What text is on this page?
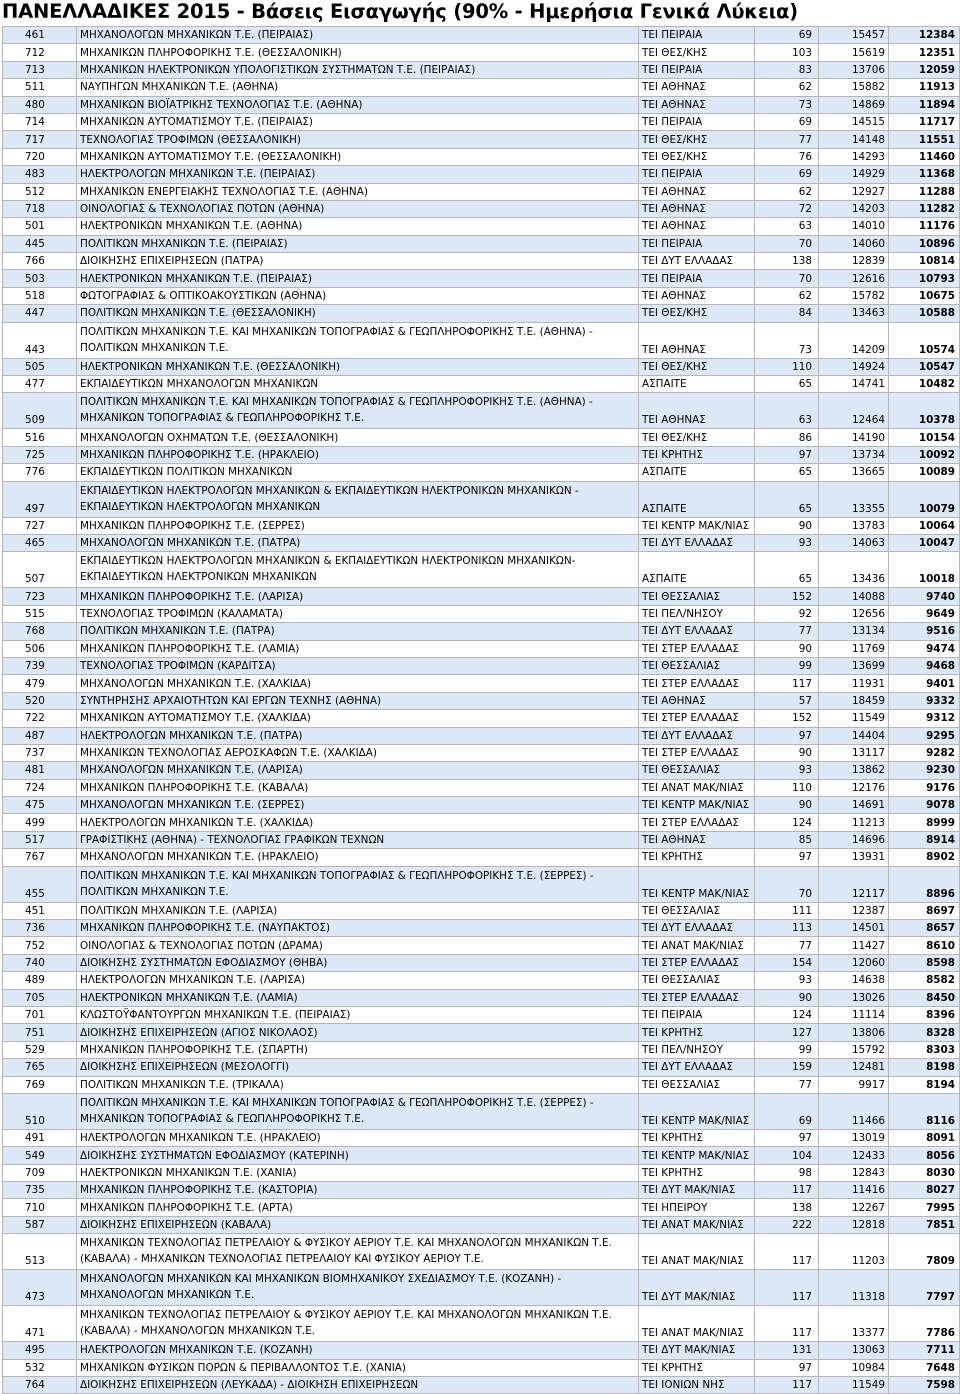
ΠΑΝΕΛΛΑΔΙΚΕΣ 2015 - Βάσεις Εισαγωγής (90% - Ημερήσια Γενικά Λύκεια)
461	ΜΗΧΑΝΟΛΟΓΩΝ ΜΗΧΑΝΙΚΩΝ Τ.Ε. (ΠΕΙΡΑΙΑΣ)	ΤΕΙ ΠΕΙΡΑΙΑ	69	15457	12384
712	ΜΗΧΑΝΙΚΩΝ ΠΛΗΡΟΦΟΡΙΚΗΣ Τ.Ε. (ΘΕΣΣΑΛΟΝΙΚΗ)	ΤΕΙ ΘΕΣ/ΚΗΣ	103	15619	12351
713	ΜΗΧΑΝΙΚΩΝ ΗΛΕΚΤΡΟΝΙΚΩΝ ΥΠΟΛΟΓΙΣΤΙΚΩΝ ΣΥΣΤΗΜΑΤΩΝ Τ.Ε. (ΠΕΙΡΑΙΑΣ)	ΤΕΙ ΠΕΙΡΑΙΑ	83	13706	12059
511	ΝΑΥΠΗΓΩΝ ΜΗΧΑΝΙΚΩΝ Τ.Ε. (ΑΘΗΝΑ)	ΤΕΙ ΑΘΗΝΑΣ	62	15882	11913
480	ΜΗΧΑΝΙΚΩΝ ΒΙΟΪΑΤΡΙΚΗΣ ΤΕΧΝΟΛΟΓΙΑΣ Τ.Ε. (ΑΘΗΝΑ)	ΤΕΙ ΑΘΗΝΑΣ	73	14869	11894
714	ΜΗΧΑΝΙΚΩΝ ΑΥΤΟΜΑΤΙΣΜΟΥ Τ.Ε. (ΠΕΙΡΑΙΑΣ)	ΤΕΙ ΠΕΙΡΑΙΑ	69	14515	11717
717	ΤΕΧΝΟΛΟΓΙΑΣ ΤΡΟΦΙΜΩΝ (ΘΕΣΣΑΛΟΝΙΚΗ)	ΤΕΙ ΘΕΣ/ΚΗΣ	77	14148	11551
720	ΜΗΧΑΝΙΚΩΝ ΑΥΤΟΜΑΤΙΣΜΟΥ Τ.Ε. (ΘΕΣΣΑΛΟΝΙΚΗ)	ΤΕΙ ΘΕΣ/ΚΗΣ	76	14293	11460
483	ΗΛΕΚΤΡΟΛΟΓΩΝ ΜΗΧΑΝΙΚΩΝ Τ.Ε. (ΠΕΙΡΑΙΑΣ)	ΤΕΙ ΠΕΙΡΑΙΑ	69	14929	11368
512	ΜΗΧΑΝΙΚΩΝ ΕΝΕΡΓΕΙΑΚΗΣ ΤΕΧΝΟΛΟΓΙΑΣ Τ.Ε. (ΑΘΗΝΑ)	ΤΕΙ ΑΘΗΝΑΣ	62	12927	11288
718	ΟΙΝΟΛΟΓΙΑΣ & ΤΕΧΝΟΛΟΓΙΑΣ ΠΟΤΩΝ (ΑΘΗΝΑ)	ΤΕΙ ΑΘΗΝΑΣ	72	14203	11282
501	ΗΛΕΚΤΡΟΝΙΚΩΝ ΜΗΧΑΝΙΚΩΝ Τ.Ε. (ΑΘΗΝΑ)	ΤΕΙ ΑΘΗΝΑΣ	63	14010	11176
445	ΠΟΛΙΤΙΚΩΝ ΜΗΧΑΝΙΚΩΝ Τ.Ε. (ΠΕΙΡΑΙΑΣ)	ΤΕΙ ΠΕΙΡΑΙΑ	70	14060	10896
766	ΔΙΟΙΚΗΣΗΣ ΕΠΙΧΕΙΡΗΣΕΩΝ (ΠΑΤΡΑ)	ΤΕΙ ΔΥΤ ΕΛΛΑΔΑΣ	138	12839	10814
503	ΗΛΕΚΤΡΟΝΙΚΩΝ ΜΗΧΑΝΙΚΩΝ Τ.Ε. (ΠΕΙΡΑΙΑΣ)	ΤΕΙ ΠΕΙΡΑΙΑ	70	12616	10793
518	ΦΩΤΟΓΡΑΦΙΑΣ & ΟΠΤΙΚΟΑΚΟΥΣΤΙΚΩΝ (ΑΘΗΝΑ)	ΤΕΙ ΑΘΗΝΑΣ	62	15782	10675
447	ΠΟΛΙΤΙΚΩΝ ΜΗΧΑΝΙΚΩΝ Τ.Ε. (ΘΕΣΣΑΛΟΝΙΚΗ)	ΤΕΙ ΘΕΣ/ΚΗΣ	84	13463	10588
443	ΠΟΛΙΤΙΚΩΝ ΜΗΧΑΝΙΚΩΝ Τ.Ε. ΚΑΙ ΜΗΧΑΝΙΚΩΝ ΤΟΠΟΓΡΑΦΙΑΣ & ΓΕΩΠΛΗΡΟΦΟΡΙΚΗΣ Τ.Ε. (ΑΘΗΝΑ) - ΠΟΛΙΤΙΚΩΝ ΜΗΧΑΝΙΚΩΝ Τ.Ε.	ΤΕΙ ΑΘΗΝΑΣ	73	14209	10574
505	ΗΛΕΚΤΡΟΝΙΚΩΝ ΜΗΧΑΝΙΚΩΝ Τ.Ε. (ΘΕΣΣΑΛΟΝΙΚΗ)	ΤΕΙ ΘΕΣ/ΚΗΣ	110	14924	10547
477	ΕΚΠΑΙΔΕΥΤΙΚΩΝ ΜΗΧΑΝΟΛΟΓΩΝ ΜΗΧΑΝΙΚΩΝ	ΑΣΠΑΙΤΕ	65	14741	10482
509	ΠΟΛΙΤΙΚΩΝ ΜΗΧΑΝΙΚΩΝ Τ.Ε. ΚΑΙ ΜΗΧΑΝΙΚΩΝ ΤΟΠΟΓΡΑΦΙΑΣ & ΓΕΩΠΛΗΡΟΦΟΡΙΚΗΣ Τ.Ε. (ΑΘΗΝΑ) - ΜΗΧΑΝΙΚΩΝ ΤΟΠΟΓΡΑΦΙΑΣ & ΓΕΩΠΛΗΡΟΦΟΡΙΚΗΣ Τ.Ε.	ΤΕΙ ΑΘΗΝΑΣ	63	12464	10378
516	ΜΗΧΑΝΟΛΟΓΩΝ ΟΧΗΜΑΤΩΝ Τ.Ε. (ΘΕΣΣΑΛΟΝΙΚΗ)	ΤΕΙ ΘΕΣ/ΚΗΣ	86	14190	10154
725	ΜΗΧΑΝΙΚΩΝ ΠΛΗΡΟΦΟΡΙΚΗΣ Τ.Ε. (ΗΡΑΚΛΕΙΟ)	ΤΕΙ ΚΡΗΤΗΣ	97	13734	10092
776	ΕΚΠΑΙΔΕΥΤΙΚΩΝ ΠΟΛΙΤΙΚΩΝ ΜΗΧΑΝΙΚΩΝ	ΑΣΠΑΙΤΕ	65	13665	10089
497	ΕΚΠΑΙΔΕΥΤΙΚΩΝ ΗΛΕΚΤΡΟΛΟΓΩΝ ΜΗΧΑΝΙΚΩΝ & ΕΚΠΑΙΔΕΥΤΙΚΩΝ ΗΛΕΚΤΡΟΝΙΚΩΝ ΜΗΧΑΝΙΚΩΝ - ΕΚΠΑΙΔΕΥΤΙΚΩΝ ΗΛΕΚΤΡΟΛΟΓΩΝ ΜΗΧΑΝΙΚΩΝ	ΑΣΠΑΙΤΕ	65	13355	10079
727	ΜΗΧΑΝΙΚΩΝ ΠΛΗΡΟΦΟΡΙΚΗΣ Τ.Ε. (ΣΕΡΡΕΣ)	ΤΕΙ ΚΕΝΤΡ ΜΑΚ/ΝΙΑΣ	90	13783	10064
465	ΜΗΧΑΝΟΛΟΓΩΝ ΜΗΧΑΝΙΚΩΝ Τ.Ε. (ΠΑΤΡΑ)	ΤΕΙ ΔΥΤ ΕΛΛΑΔΑΣ	93	14063	10047
507	ΕΚΠΑΙΔΕΥΤΙΚΩΝ ΗΛΕΚΤΡΟΛΟΓΩΝ ΜΗΧΑΝΙΚΩΝ & ΕΚΠΑΙΔΕΥΤΙΚΩΝ ΗΛΕΚΤΡΟΝΙΚΩΝ ΜΗΧΑΝΙΚΩΝ- ΕΚΠΑΙΔΕΥΤΙΚΩΝ ΗΛΕΚΤΡΟΝΙΚΩΝ ΜΗΧΑΝΙΚΩΝ	ΑΣΠΑΙΤΕ	65	13436	10018
723	ΜΗΧΑΝΙΚΩΝ ΠΛΗΡΟΦΟΡΙΚΗΣ Τ.Ε. (ΛΑΡΙΣΑ)	ΤΕΙ ΘΕΣΣΑΛΙΑΣ	152	14088	9740
515	ΤΕΧΝΟΛΟΓΙΑΣ ΤΡΟΦΙΜΩΝ (ΚΑΛΑΜΑΤΑ)	ΤΕΙ ΠΕΛ/ΝΗΣΟΥ	92	12656	9649
768	ΠΟΛΙΤΙΚΩΝ ΜΗΧΑΝΙΚΩΝ Τ.Ε. (ΠΑΤΡΑ)	ΤΕΙ ΔΥΤ ΕΛΛΑΔΑΣ	77	13134	9516
506	ΜΗΧΑΝΙΚΩΝ ΠΛΗΡΟΦΟΡΙΚΗΣ Τ.Ε. (ΛΑΜΙΑ)	ΤΕΙ ΣΤΕΡ ΕΛΛΑΔΑΣ	90	11769	9474
739	ΤΕΧΝΟΛΟΓΙΑΣ ΤΡΟΦΙΜΩΝ (ΚΑΡΔΙΤΣΑ)	ΤΕΙ ΘΕΣΣΑΛΙΑΣ	99	13699	9468
479	ΜΗΧΑΝΟΛΟΓΩΝ ΜΗΧΑΝΙΚΩΝ Τ.Ε. (ΧΑΛΚΙΔΑ)	ΤΕΙ ΣΤΕΡ ΕΛΛΑΔΑΣ	117	11931	9401
520	ΣΥΝΤΗΡΗΣΗΣ ΑΡΧΑΙΟΤΗΤΩΝ ΚΑΙ ΕΡΓΩΝ ΤΕΧΝΗΣ (ΑΘΗΝΑ)	ΤΕΙ ΑΘΗΝΑΣ	57	18459	9332
722	ΜΗΧΑΝΙΚΩΝ ΑΥΤΟΜΑΤΙΣΜΟΥ Τ.Ε. (ΧΑΛΚΙΔΑ)	ΤΕΙ ΣΤΕΡ ΕΛΛΑΔΑΣ	152	11549	9312
487	ΗΛΕΚΤΡΟΛΟΓΩΝ ΜΗΧΑΝΙΚΩΝ Τ.Ε. (ΠΑΤΡΑ)	ΤΕΙ ΔΥΤ ΕΛΛΑΔΑΣ	97	14404	9295
737	ΜΗΧΑΝΙΚΩΝ ΤΕΧΝΟΛΟΓΙΑΣ ΑΕΡΟΣΚΑΦΩΝ Τ.Ε. (ΧΑΛΚΙΔΑ)	ΤΕΙ ΣΤΕΡ ΕΛΛΑΔΑΣ	90	13117	9282
481	ΜΗΧΑΝΟΛΟΓΩΝ ΜΗΧΑΝΙΚΩΝ Τ.Ε. (ΛΑΡΙΣΑ)	ΤΕΙ ΘΕΣΣΑΛΙΑΣ	93	13862	9230
724	ΜΗΧΑΝΙΚΩΝ ΠΛΗΡΟΦΟΡΙΚΗΣ Τ.Ε. (ΚΑΒΑΛΑ)	ΤΕΙ ΑΝΑΤ ΜΑΚ/ΝΙΑΣ	110	12176	9176
475	ΜΗΧΑΝΟΛΟΓΩΝ ΜΗΧΑΝΙΚΩΝ Τ.Ε. (ΣΕΡΡΕΣ)	ΤΕΙ ΚΕΝΤΡ ΜΑΚ/ΝΙΑΣ	90	14691	9078
499	ΗΛΕΚΤΡΟΛΟΓΩΝ ΜΗΧΑΝΙΚΩΝ Τ.Ε. (ΧΑΛΚΙΔΑ)	ΤΕΙ ΣΤΕΡ ΕΛΛΑΔΑΣ	124	11213	8999
517	ΓΡΑΦΙΣΤΙΚΗΣ (ΑΘΗΝΑ) - ΤΕΧΝΟΛΟΓΙΑΣ ΓΡΑΦΙΚΩΝ ΤΕΧΝΩΝ	ΤΕΙ ΑΘΗΝΑΣ	85	14696	8914
767	ΜΗΧΑΝΟΛΟΓΩΝ ΜΗΧΑΝΙΚΩΝ Τ.Ε. (ΗΡΑΚΛΕΙΟ)	ΤΕΙ ΚΡΗΤΗΣ	97	13931	8902
455	ΠΟΛΙΤΙΚΩΝ ΜΗΧΑΝΙΚΩΝ Τ.Ε. ΚΑΙ ΜΗΧΑΝΙΚΩΝ ΤΟΠΟΓΡΑΦΙΑΣ & ΓΕΩΠΛΗΡΟΦΟΡΙΚΗΣ Τ.Ε. (ΣΕΡΡΕΣ) - ΠΟΛΙΤΙΚΩΝ ΜΗΧΑΝΙΚΩΝ Τ.Ε.	ΤΕΙ ΚΕΝΤΡ ΜΑΚ/ΝΙΑΣ	70	12117	8896
451	ΠΟΛΙΤΙΚΩΝ ΜΗΧΑΝΙΚΩΝ Τ.Ε. (ΛΑΡΙΣΑ)	ΤΕΙ ΘΕΣΣΑΛΙΑΣ	111	12387	8697
736	ΜΗΧΑΝΙΚΩΝ ΠΛΗΡΟΦΟΡΙΚΗΣ Τ.Ε. (ΝΑΥΠΑΚΤΟΣ)	ΤΕΙ ΔΥΤ ΕΛΛΑΔΑΣ	113	14501	8657
752	ΟΙΝΟΛΟΓΙΑΣ & ΤΕΧΝΟΛΟΓΙΑΣ ΠΟΤΩΝ (ΔΡΑΜΑ)	ΤΕΙ ΑΝΑΤ ΜΑΚ/ΝΙΑΣ	77	11427	8610
740	ΔΙΟΙΚΗΣΗΣ ΣΥΣΤΗΜΑΤΩΝ ΕΦΟΔΙΑΣΜΟΥ (ΘΗΒΑ)	ΤΕΙ ΣΤΕΡ ΕΛΛΑΔΑΣ	154	12060	8598
489	ΗΛΕΚΤΡΟΛΟΓΩΝ ΜΗΧΑΝΙΚΩΝ Τ.Ε. (ΛΑΡΙΣΑ)	ΤΕΙ ΘΕΣΣΑΛΙΑΣ	93	14638	8582
705	ΗΛΕΚΤΡΟΝΙΚΩΝ ΜΗΧΑΝΙΚΩΝ Τ.Ε. (ΛΑΜΙΑ)	ΤΕΙ ΣΤΕΡ ΕΛΛΑΔΑΣ	90	13026	8450
701	ΚΛΩΣΤΟΫΦΑΝΤΟΥΡΓΩΝ ΜΗΧΑΝΙΚΩΝ Τ.Ε. (ΠΕΙΡΑΙΑΣ)	ΤΕΙ ΠΕΙΡΑΙΑ	124	11114	8396
751	ΔΙΟΙΚΗΣΗΣ ΕΠΙΧΕΙΡΗΣΕΩΝ (ΑΓΙΟΣ ΝΙΚΟΛΑΟΣ)	ΤΕΙ ΚΡΗΤΗΣ	127	13806	8328
529	ΜΗΧΑΝΙΚΩΝ ΠΛΗΡΟΦΟΡΙΚΗΣ Τ.Ε. (ΣΠΑΡΤΗ)	ΤΕΙ ΠΕΛ/ΝΗΣΟΥ	99	15792	8303
765	ΔΙΟΙΚΗΣΗΣ ΕΠΙΧΕΙΡΗΣΕΩΝ (ΜΕΣΟΛΟΓΓΙ)	ΤΕΙ ΔΥΤ ΕΛΛΑΔΑΣ	159	12481	8198
769	ΠΟΛΙΤΙΚΩΝ ΜΗΧΑΝΙΚΩΝ Τ.Ε. (ΤΡΙΚΑΛΑ)	ΤΕΙ ΘΕΣΣΑΛΙΑΣ	77	9917	8194
510	ΠΟΛΙΤΙΚΩΝ ΜΗΧΑΝΙΚΩΝ Τ.Ε. ΚΑΙ ΜΗΧΑΝΙΚΩΝ ΤΟΠΟΓΡΑΦΙΑΣ & ΓΕΩΠΛΗΡΟΦΟΡΙΚΗΣ Τ.Ε. (ΣΕΡΡΕΣ) - ΜΗΧΑΝΙΚΩΝ ΤΟΠΟΓΡΑΦΙΑΣ & ΓΕΩΠΛΗΡΟΦΟΡΙΚΗΣ Τ.Ε.	ΤΕΙ ΚΕΝΤΡ ΜΑΚ/ΝΙΑΣ	69	11466	8116
491	ΗΛΕΚΤΡΟΛΟΓΩΝ ΜΗΧΑΝΙΚΩΝ Τ.Ε. (ΗΡΑΚΛΕΙΟ)	ΤΕΙ ΚΡΗΤΗΣ	97	13019	8091
549	ΔΙΟΙΚΗΣΗΣ ΣΥΣΤΗΜΑΤΩΝ ΕΦΟΔΙΑΣΜΟΥ (ΚΑΤΕΡΙΝΗ)	ΤΕΙ ΚΕΝΤΡ ΜΑΚ/ΝΙΑΣ	104	12433	8056
709	ΗΛΕΚΤΡΟΝΙΚΩΝ ΜΗΧΑΝΙΚΩΝ Τ.Ε. (ΧΑΝΙΑ)	ΤΕΙ ΚΡΗΤΗΣ	98	12843	8030
735	ΜΗΧΑΝΙΚΩΝ ΠΛΗΡΟΦΟΡΙΚΗΣ Τ.Ε. (ΚΑΣΤΟΡΙΑ)	ΤΕΙ ΔΥΤ ΜΑΚ/ΝΙΑΣ	117	11416	8027
710	ΜΗΧΑΝΙΚΩΝ ΠΛΗΡΟΦΟΡΙΚΗΣ Τ.Ε. (ΑΡΤΑ)	ΤΕΙ ΗΠΕΙΡΟΥ	138	12267	7995
587	ΔΙΟΙΚΗΣΗΣ ΕΠΙΧΕΙΡΗΣΕΩΝ (ΚΑΒΑΛΑ)	ΤΕΙ ΑΝΑΤ ΜΑΚ/ΝΙΑΣ	222	12818	7851
513	ΜΗΧΑΝΙΚΩΝ ΤΕΧΝΟΛΟΓΙΑΣ ΠΕΤΡΕΛΑΙΟΥ & ΦΥΣΙΚΟΥ ΑΕΡΙΟΥ Τ.Ε. ΚΑΙ ΜΗΧΑΝΟΛΟΓΩΝ ΜΗΧΑΝΙΚΩΝ Τ.Ε. (ΚΑΒΑΛΑ) - ΜΗΧΑΝΙΚΩΝ ΤΕΧΝΟΛΟΓΙΑΣ ΠΕΤΡΕΛΑΙΟΥ ΚΑΙ ΦΥΣΙΚΟΥ ΑΕΡΙΟΥ Τ.Ε.	ΤΕΙ ΑΝΑΤ ΜΑΚ/ΝΙΑΣ	117	11203	7809
473	ΜΗΧΑΝΟΛΟΓΩΝ ΜΗΧΑΝΙΚΩΝ ΚΑΙ ΜΗΧΑΝΙΚΩΝ ΒΙΟΜΗΧΑΝΙΚΟΥ ΣΧΕΔΙΑΣΜΟΥ Τ.Ε. (ΚΟΖΑΝΗ) - ΜΗΧΑΝΟΛΟΓΩΝ ΜΗΧΑΝΙΚΩΝ Τ.Ε.	ΤΕΙ ΔΥΤ ΜΑΚ/ΝΙΑΣ	117	11318	7797
471	ΜΗΧΑΝΙΚΩΝ ΤΕΧΝΟΛΟΓΙΑΣ ΠΕΤΡΕΛΑΙΟΥ & ΦΥΣΙΚΟΥ ΑΕΡΙΟΥ Τ.Ε. ΚΑΙ ΜΗΧΑΝΟΛΟΓΩΝ ΜΗΧΑΝΙΚΩΝ Τ.Ε. (ΚΑΒΑΛΑ) - ΜΗΧΑΝΟΛΟΓΩΝ ΜΗΧΑΝΙΚΩΝ Τ.Ε.	ΤΕΙ ΑΝΑΤ ΜΑΚ/ΝΙΑΣ	117	13377	7786
495	ΗΛΕΚΤΡΟΛΟΓΩΝ ΜΗΧΑΝΙΚΩΝ Τ.Ε. (ΚΟΖΑΝΗ)	ΤΕΙ ΔΥΤ ΜΑΚ/ΝΙΑΣ	131	13063	7711
532	ΜΗΧΑΝΙΚΩΝ ΦΥΣΙΚΩΝ ΠΟΡΩΝ & ΠΕΡΙΒΑΛΛΟΝΤΟΣ Τ.Ε. (ΧΑΝΙΑ)	ΤΕΙ ΚΡΗΤΗΣ	97	10984	7648
764	ΔΙΟΙΚΗΣΗΣ ΕΠΙΧΕΙΡΗΣΕΩΝ (ΛΕΥΚΑΔΑ) - ΔΙΟΙΚΗΣΗ ΕΠΙΧΕΙΡΗΣΕΩΝ	ΤΕΙ ΙΟΝΙΩΝ ΝΗΣ	117	11549	7598
